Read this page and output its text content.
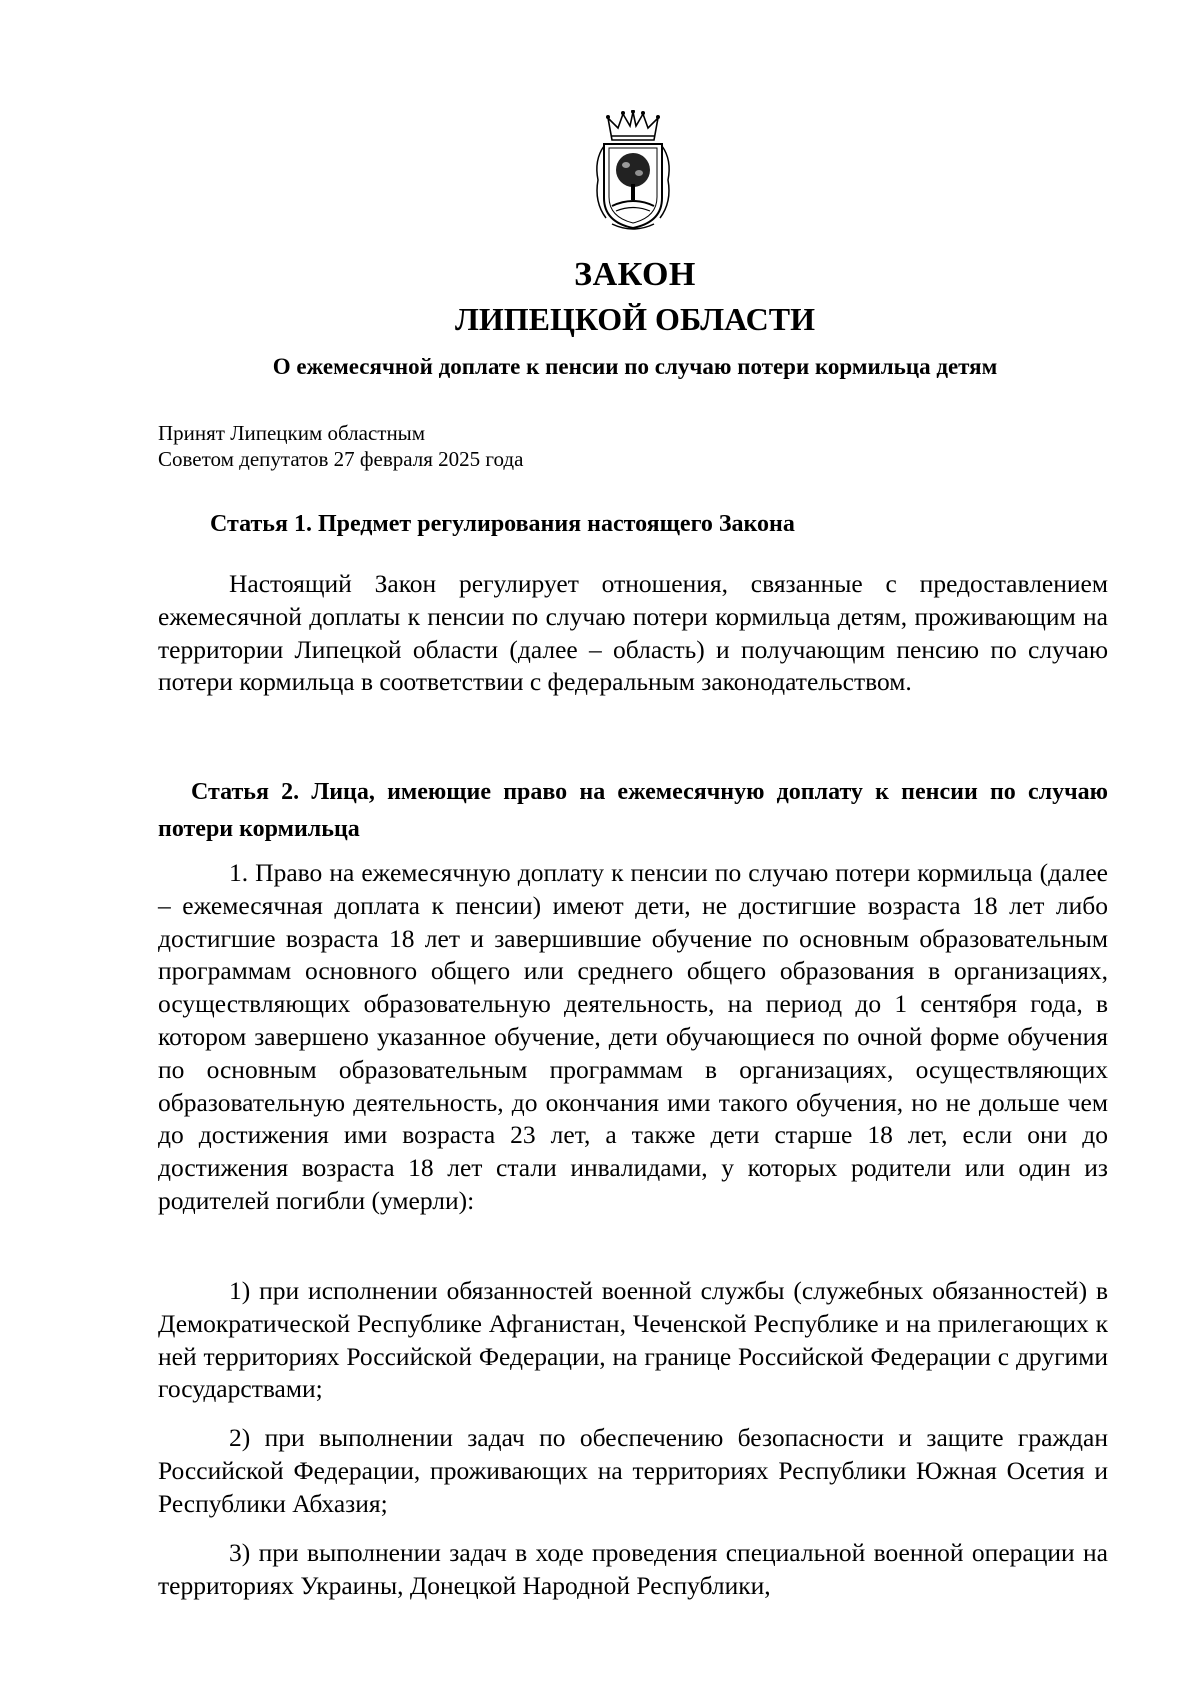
ЗАКОН
ЛИПЕЦКОЙ ОБЛАСТИ
О ежемесячной доплате к пенсии по случаю потери кормильца детям
Принят Липецким областным
Советом депутатов 27 февраля 2025 года
Статья 1. Предмет регулирования настоящего Закона

Настоящий Закон регулирует отношения, связанные с предоставлением ежемесячной доплаты к пенсии по случаю потери кормильца детям, проживающим на территории Липецкой области (далее – область) и получающим пенсию по случаю потери кормильца в соответствии с федеральным законодательством.

Статья 2. Лица, имеющие право на ежемесячную доплату к пенсии по случаю потери кормильца

1. Право на ежемесячную доплату к пенсии по случаю потери кормильца (далее – ежемесячная доплата к пенсии) имеют дети, не достигшие возраста 18 лет либо достигшие возраста 18 лет и завершившие обучение по основным образовательным программам основного общего или среднего общего образования в организациях, осуществляющих образовательную деятельность, на период до 1 сентября года, в котором завершено указанное обучение, дети обучающиеся по очной форме обучения по основным образовательным программам в организациях, осуществляющих образовательную деятельность, до окончания ими такого обучения, но не дольше чем до достижения ими возраста 23 лет, а также дети старше 18 лет, если они до достижения возраста 18 лет стали инвалидами, у которых родители или один из родителей погибли (умерли):

1) при исполнении обязанностей военной службы (служебных обязанностей) в Демократической Республике Афганистан, Чеченской Республике и на прилегающих к ней территориях Российской Федерации, на границе Российской Федерации с другими государствами;

2) при выполнении задач по обеспечению безопасности и защите граждан Российской Федерации, проживающих на территориях Республики Южная Осетия и Республики Абхазия;

3) при выполнении задач в ходе проведения специальной военной операции на территориях Украины, Донецкой Народной Республики,
